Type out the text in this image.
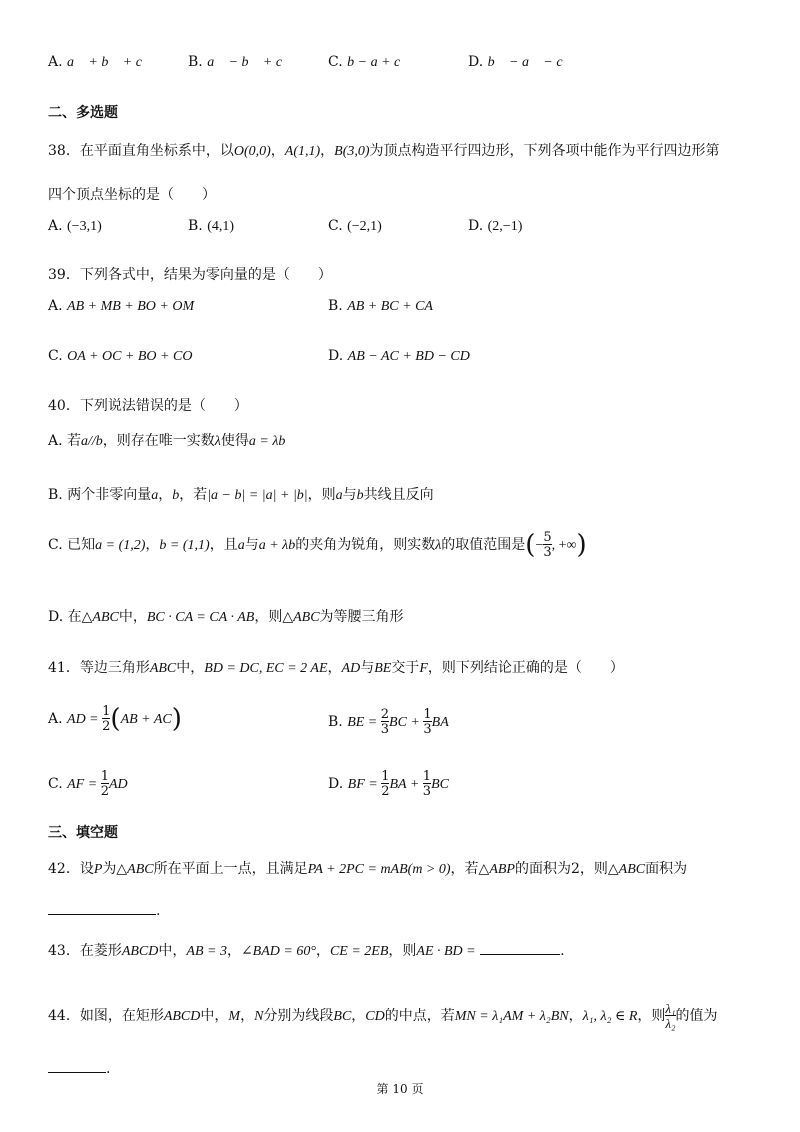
A. a⃗ + b⃗ + c⃗	B. a⃗ − b⃗ + c⃗	C. b − a + c	D. b⃗ − a⃗ − c⃗
二、多选题
38．在平面直角坐标系中，以O(0,0)，A(1,1)，B(3,0)为顶点构造平行四边形，下列各项中能作为平行四边形第
四个顶点坐标的是（　　）
A. (−3,1)	B. (4,1)	C. (−2,1)	D. (2,−1)
39．下列各式中，结果为零向量的是（　　）
A. AB + MB + BO + OM	B. AB + BC + CA
C. OA + OC + BO + CO	D. AB − AC + BD − CD
40．下列说法错误的是（　　）
A. 若a//b，则存在唯一实数λ使得a = λb
B. 两个非零向量a，b，若|a − b| = |a| + |b|，则a与b共线且反向
C. 已知a = (1,2)，b = (1,1)，且a与a + λb的夹角为锐角，则实数λ的取值范围是(− $\frac{5}{3}$ , +∞)
D. 在△ABC中，BC · CA = CA · AB，则△ABC为等腰三角形
41．等边三角形ABC中，BD = DC, EC = 2 AE，AD与BE交于F，则下列结论正确的是（　　）
A. AD = $\frac{1}{2} (AB + AC)$	B. BE = $\frac{2}{3}$ BC + $\frac{1}{3}$ BA
C. AF = $\frac{1}{2}$ AD	D. BF = $\frac{1}{2}$ BA + $\frac{1}{3}$ BC
三、填空题
42．设P为△ABC所在平面上一点，且满足PA + 2PC = mAB(m > 0)，若△ABP的面积为2，则△ABC面积为
.
43．在菱形ABCD中，AB = 3，∠BAD = 60°，CE = 2EB，则AE · BD =	.
44．如图，在矩形ABCD中，M，N分别为线段BC，CD的中点，若MN = λ₁AM + λ₂BN，λ₁, λ₂ ∈ R，则 $\frac{\text{λ₁}}{\text{λ₂}}$ 的值为
.
第 10 页
